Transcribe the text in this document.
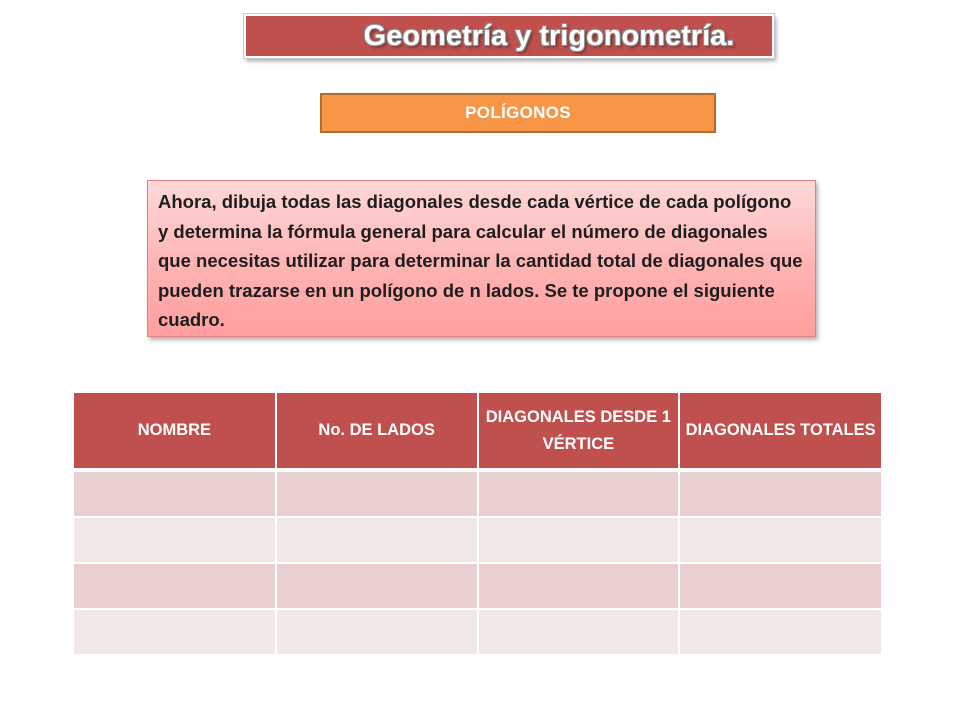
Geometría y trigonometría.
POLÍGONOS

Ahora, dibuja todas las diagonales desde cada vértice de cada polígono y determina la fórmula general para calcular el número de diagonales que necesitas utilizar para determinar la cantidad total de diagonales que pueden trazarse en un polígono de n lados. Se te propone el siguiente cuadro.

NOMBRE	No. DE LADOS	DIAGONALES DESDE 1 VÉRTICE	DIAGONALES TOTALES
